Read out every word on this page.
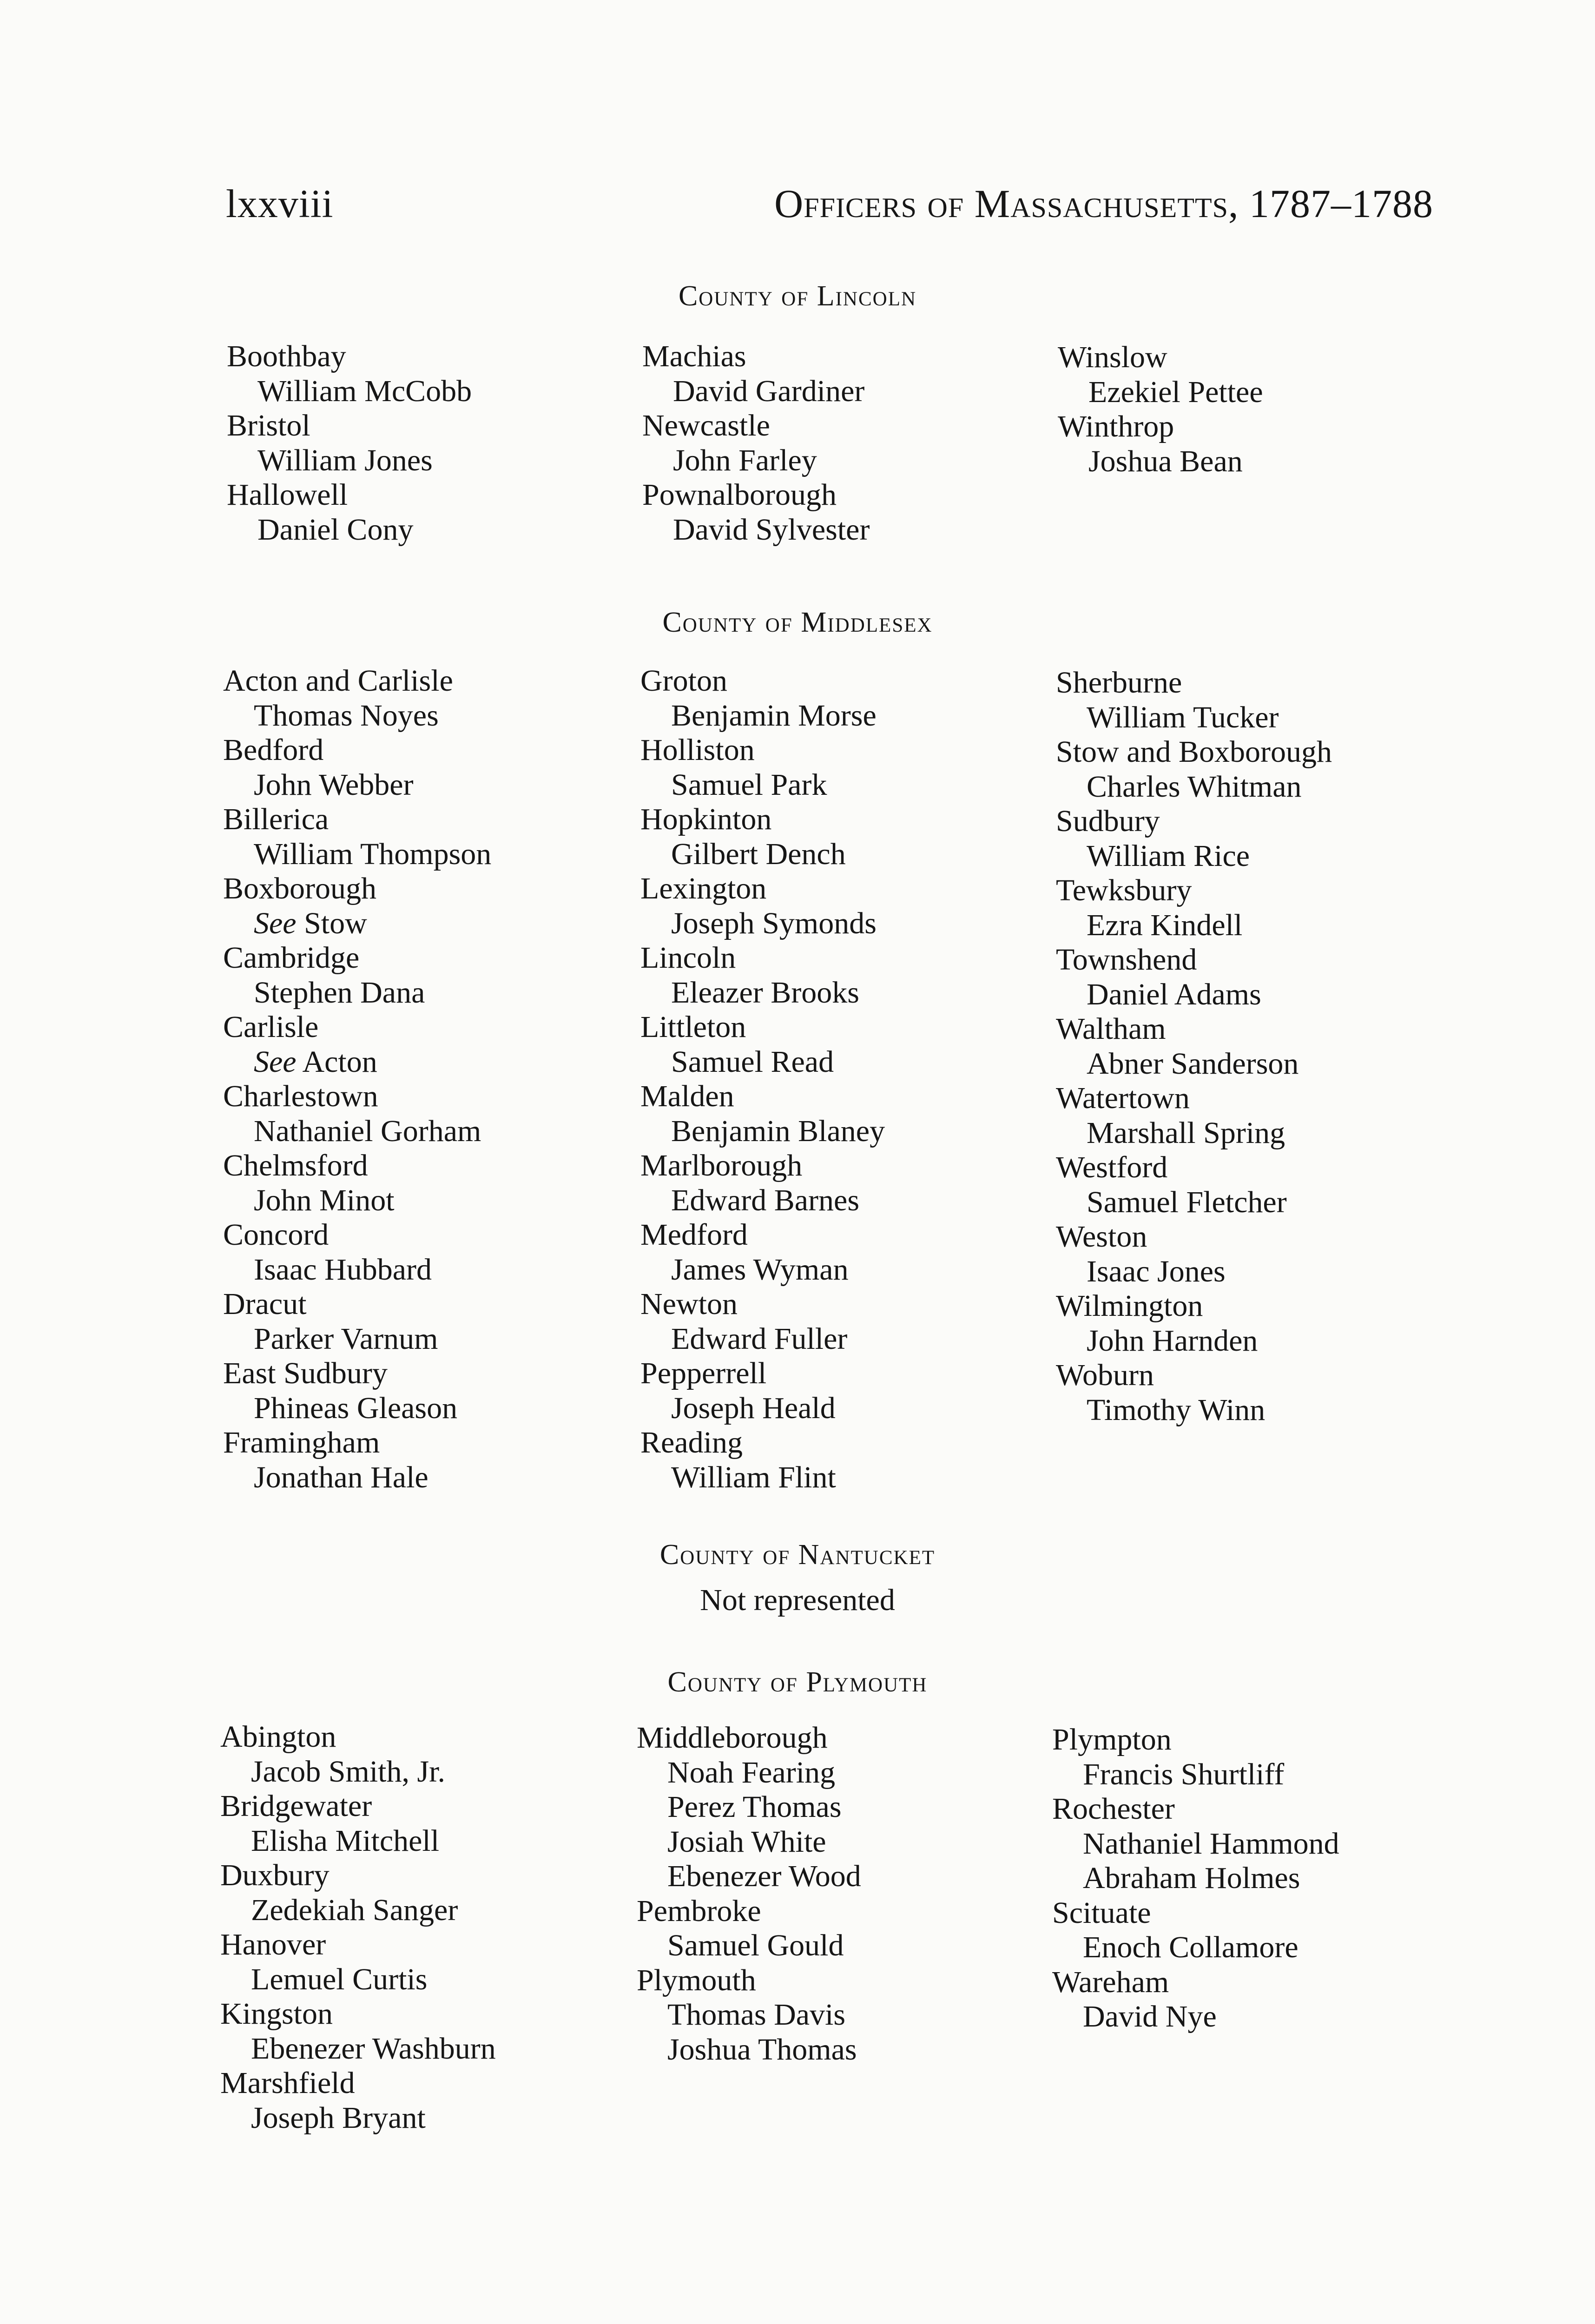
lxxviii	Officers of Massachusetts, 1787–1788
County of Lincoln
Boothbay
William McCobb
Bristol
William Jones
Hallowell
Daniel Cony
Machias
David Gardiner
Newcastle
John Farley
Pownalborough
David Sylvester
Winslow
Ezekiel Pettee
Winthrop
Joshua Bean
County of Middlesex
Acton and Carlisle
Thomas Noyes
Bedford
John Webber
Billerica
William Thompson
Boxborough
See Stow
Cambridge
Stephen Dana
Carlisle
See Acton
Charlestown
Nathaniel Gorham
Chelmsford
John Minot
Concord
Isaac Hubbard
Dracut
Parker Varnum
East Sudbury
Phineas Gleason
Framingham
Jonathan Hale
Groton
Benjamin Morse
Holliston
Samuel Park
Hopkinton
Gilbert Dench
Lexington
Joseph Symonds
Lincoln
Eleazer Brooks
Littleton
Samuel Read
Malden
Benjamin Blaney
Marlborough
Edward Barnes
Medford
James Wyman
Newton
Edward Fuller
Pepperrell
Joseph Heald
Reading
William Flint
Sherburne
William Tucker
Stow and Boxborough
Charles Whitman
Sudbury
William Rice
Tewksbury
Ezra Kindell
Townshend
Daniel Adams
Waltham
Abner Sanderson
Watertown
Marshall Spring
Westford
Samuel Fletcher
Weston
Isaac Jones
Wilmington
John Harnden
Woburn
Timothy Winn
County of Nantucket
Not represented
County of Plymouth
Abington
Jacob Smith, Jr.
Bridgewater
Elisha Mitchell
Duxbury
Zedekiah Sanger
Hanover
Lemuel Curtis
Kingston
Ebenezer Washburn
Marshfield
Joseph Bryant
Middleborough
Noah Fearing
Perez Thomas
Josiah White
Ebenezer Wood
Pembroke
Samuel Gould
Plymouth
Thomas Davis
Joshua Thomas
Plympton
Francis Shurtliff
Rochester
Nathaniel Hammond
Abraham Holmes
Scituate
Enoch Collamore
Wareham
David Nye
